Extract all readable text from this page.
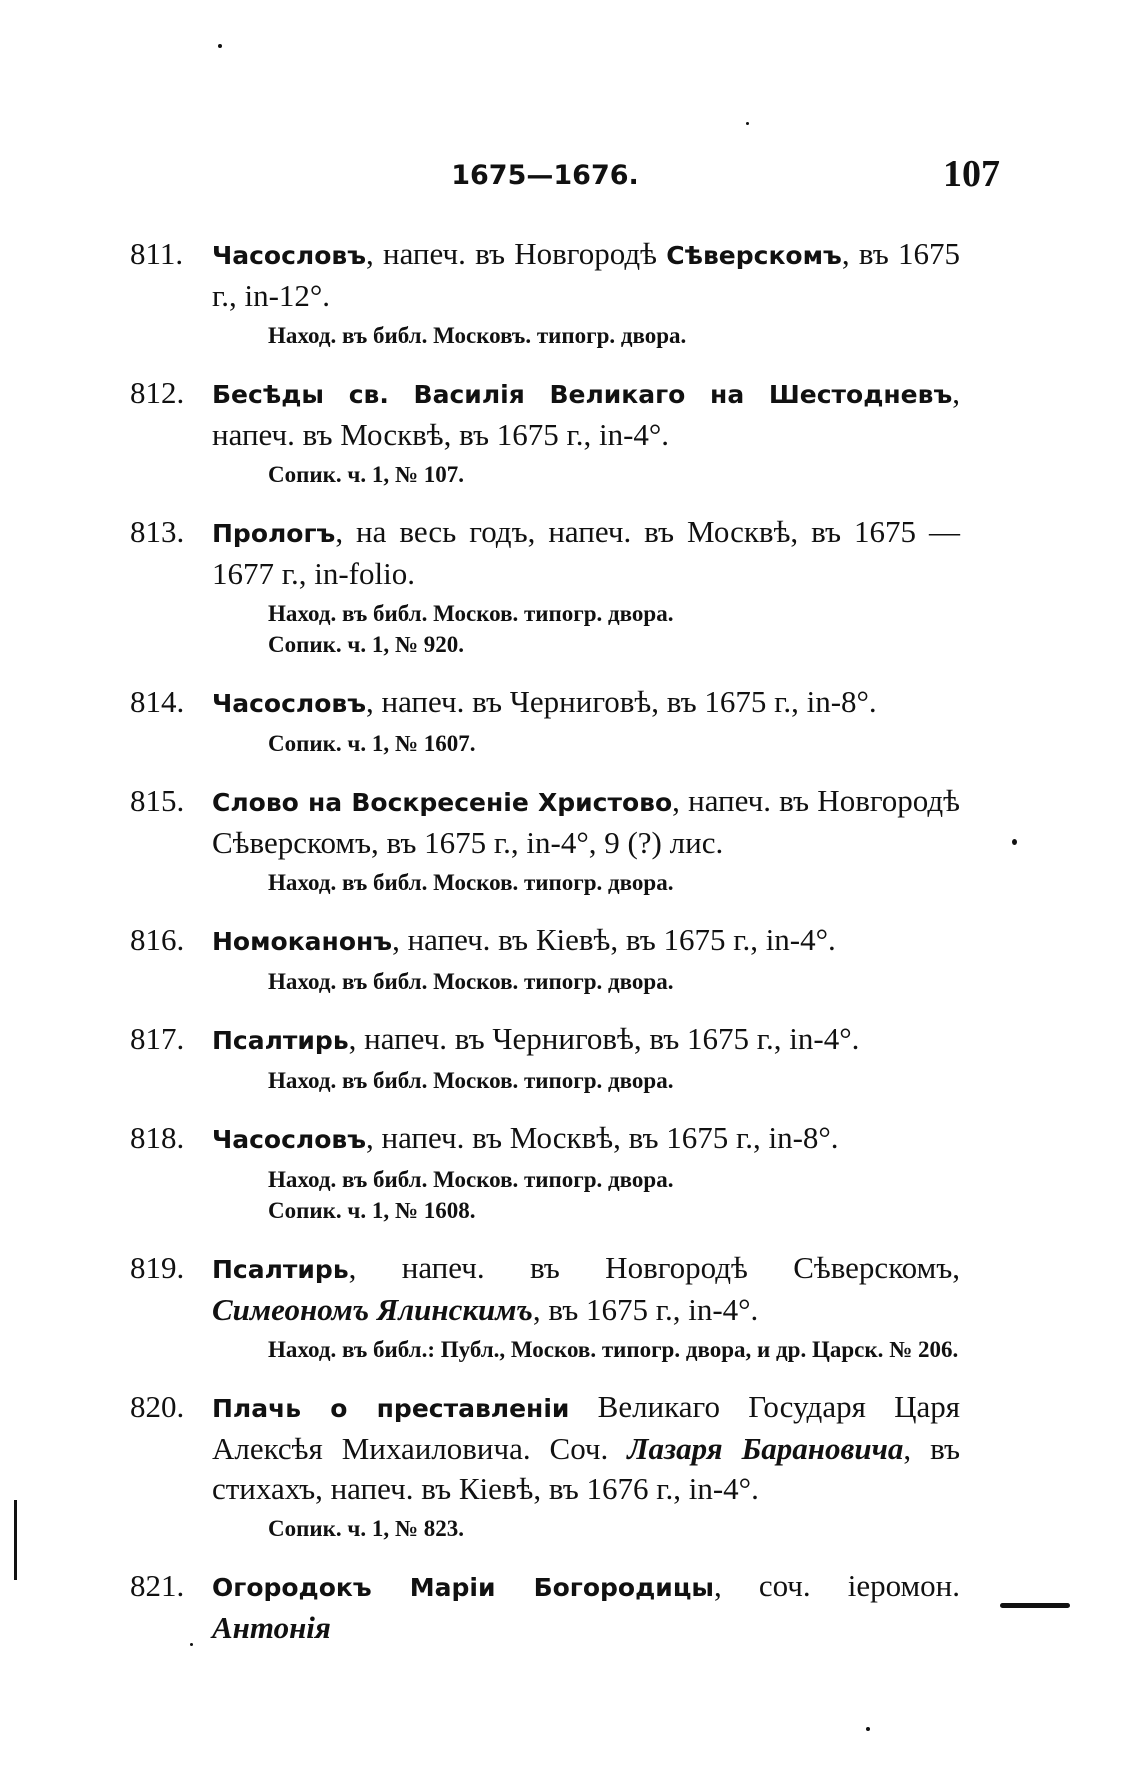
1675—1676.	107
811. Часословъ, напеч. въ Новгородѣ Сѣверскомъ, въ 1675 г., in-12°.
Наход. въ библ. Московъ. типогр. двора.
812. Бесѣды св. Василія Великаго на Шестодневъ, напеч. въ Москвѣ, въ 1675 г., in-4°.
Сопик. ч. 1, № 107.
813. Прологъ, на весь годъ, напеч. въ Москвѣ, въ 1675 —1677 г., in-folio.
Наход. въ библ. Москов. типогр. двора.
Сопик. ч. 1, № 920.
814. Часословъ, напеч. въ Черниговѣ, въ 1675 г., in-8°.
Сопик. ч. 1, № 1607.
815. Слово на Воскресеніе Христово, напеч. въ Новгородѣ Сѣверскомъ, въ 1675 г., in-4°, 9 (?) лис.
Наход. въ библ. Москов. типогр. двора.
816. Номоканонъ, напеч. въ Кіевѣ, въ 1675 г., in-4°.
Наход. въ библ. Москов. типогр. двора.
817. Псалтирь, напеч. въ Черниговѣ, въ 1675 г., in-4°.
Наход. въ библ. Москов. типогр. двора.
818. Часословъ, напеч. въ Москвѣ, въ 1675 г., in-8°.
Наход. въ библ. Москов. типогр. двора.
Сопик. ч. 1, № 1608.
819. Псалтирь, напеч. въ Новгородѣ Сѣверскомъ, Симеономъ Ялинскимъ, въ 1675 г., in-4°.
Наход. въ библ.: Публ., Москов. типогр. двора, и др. Царск. № 206.
820. Плачь о преставленіи Великаго Государя Царя Алексѣя Михаиловича. Соч. Лазаря Барановича, въ стихахъ, напеч. въ Кіевѣ, въ 1676 г., in-4°.
Сопик. ч. 1, № 823.
821. Огородокъ Маріи Богородицы, соч. іеромон. Антонія
